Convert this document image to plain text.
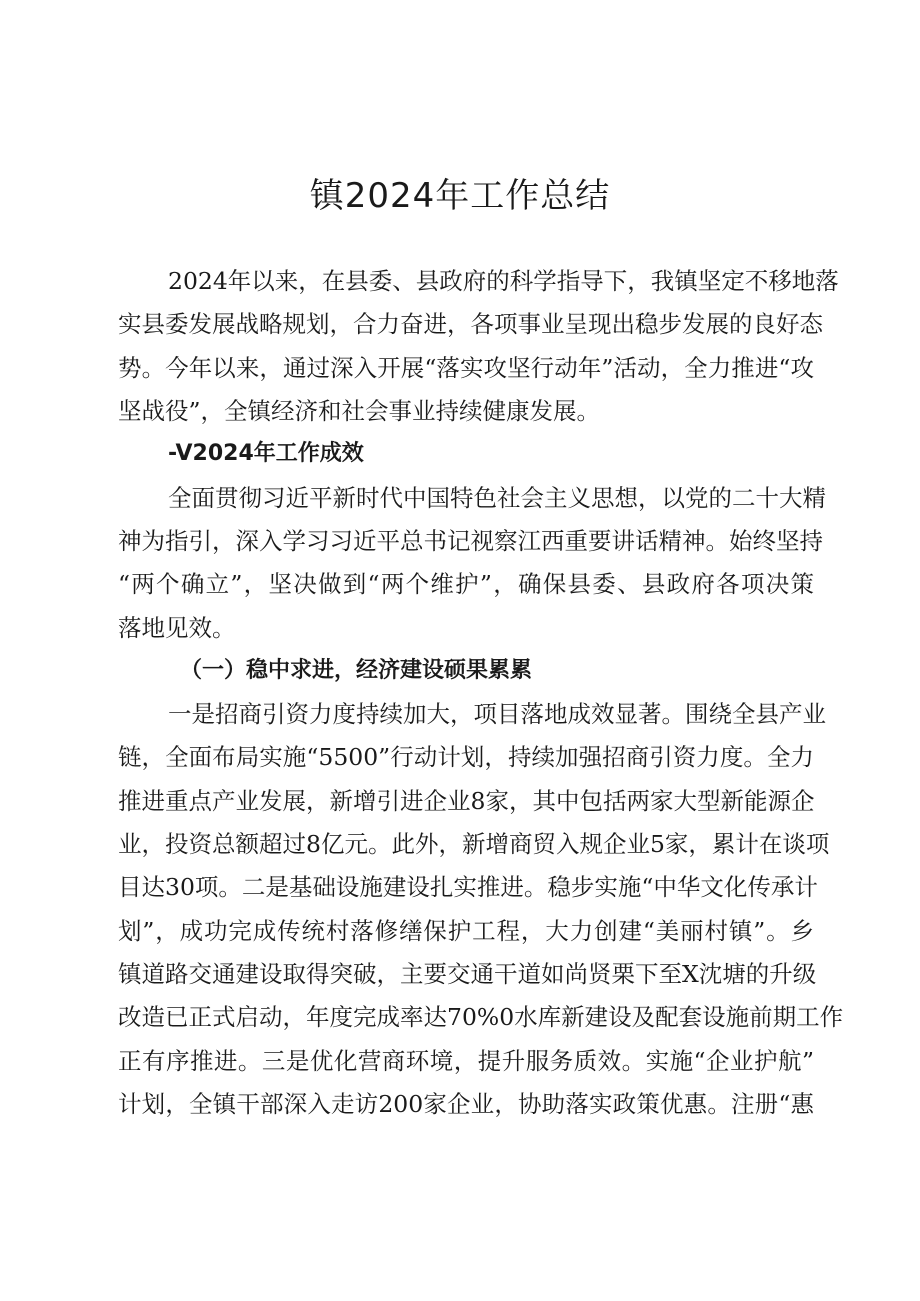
镇2024年工作总结

2024年以来，在县委、县政府的科学指导下，我镇坚定不移地落

实县委发展战略规划，合力奋进，各项事业呈现出稳步发展的良好态

势。今年以来，通过深入开展“落实攻坚行动年”活动，全力推进“攻

坚战役”，全镇经济和社会事业持续健康发展。

-V2024年工作成效

全面贯彻习近平新时代中国特色社会主义思想，以党的二十大精

神为指引，深入学习习近平总书记视察江西重要讲话精神。始终坚持

“两个确立”，坚决做到“两个维护”，确保县委、县政府各项决策

落地见效。

（一）稳中求进，经济建设硕果累累

一是招商引资力度持续加大，项目落地成效显著。围绕全县产业

链，全面布局实施“5500”行动计划，持续加强招商引资力度。全力

推进重点产业发展，新增引进企业8家，其中包括两家大型新能源企

业，投资总额超过8亿元。此外，新增商贸入规企业5家，累计在谈项

目达30项。二是基础设施建设扎实推进。稳步实施“中华文化传承计

划”，成功完成传统村落修缮保护工程，大力创建“美丽村镇”。乡

镇道路交通建设取得突破，主要交通干道如尚贤栗下至X沈塘的升级

改造已正式启动，年度完成率达70%0水库新建设及配套设施前期工作

正有序推进。三是优化营商环境，提升服务质效。实施“企业护航”

计划，全镇干部深入走访200家企业，协助落实政策优惠。注册“惠
